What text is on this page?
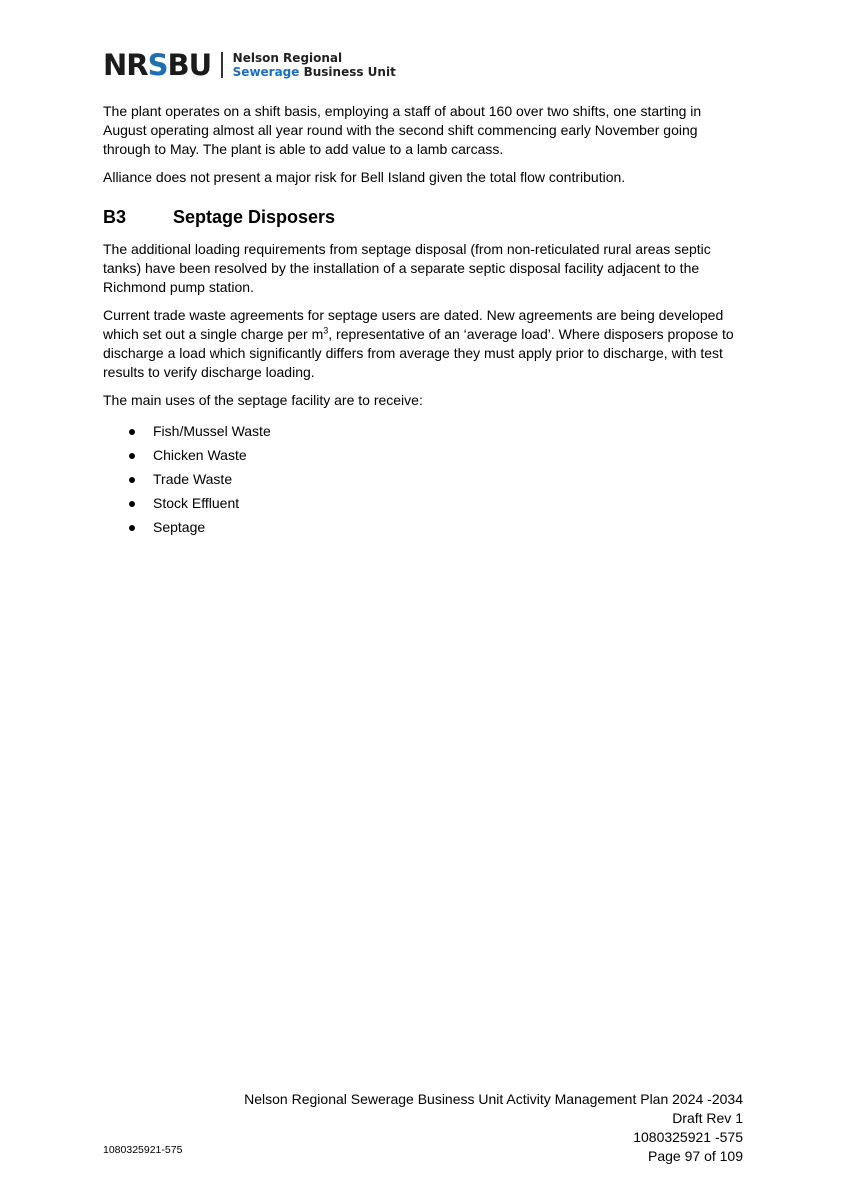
NRSBU Nelson Regional
Sewerage Business Unit

The plant operates on a shift basis, employing a staff of about 160 over two shifts, one starting in August operating almost all year round with the second shift commencing early November going through to May. The plant is able to add value to a lamb carcass.

Alliance does not present a major risk for Bell Island given the total flow contribution.

B3	Septage Disposers

The additional loading requirements from septage disposal (from non-reticulated rural areas septic tanks) have been resolved by the installation of a separate septic disposal facility adjacent to the Richmond pump station.

Current trade waste agreements for septage users are dated. New agreements are being developed which set out a single charge per $m^3$, representative of an ‘average load’. Where disposers propose to discharge a load which significantly differs from average they must apply prior to discharge, with test results to verify discharge loading.

The main uses of the septage facility are to receive:

Fish/Mussel Waste
Chicken Waste
Trade Waste
Stock Effluent
Septage
Nelson Regional Sewerage Business Unit Activity Management Plan 2024 -2034
Draft Rev 1
1080325921 -575
Page 97 of 109
1080325921-575
